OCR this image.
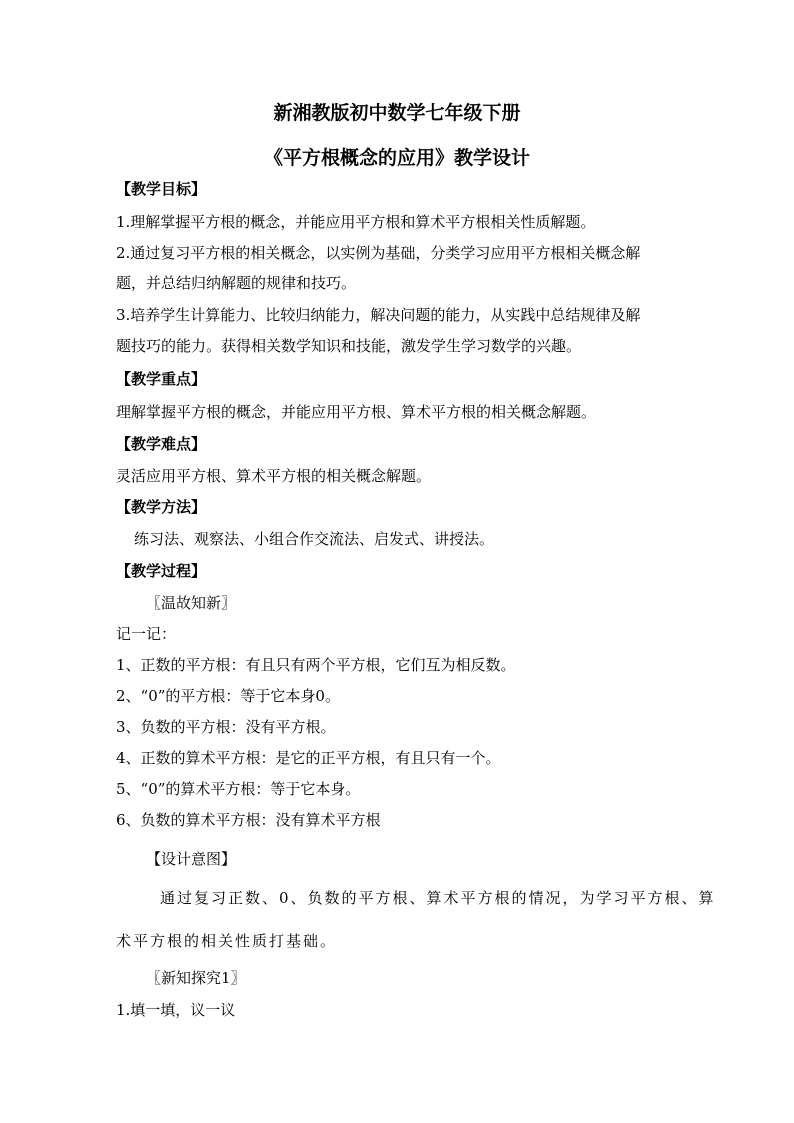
新湘教版初中数学七年级下册
《平方根概念的应用》教学设计
【教学目标】
1.理解掌握平方根的概念，并能应用平方根和算术平方根相关性质解题。
2.通过复习平方根的相关概念，以实例为基础，分类学习应用平方根相关概念解
题，并总结归纳解题的规律和技巧。
3.培养学生计算能力、比较归纳能力，解决问题的能力，从实践中总结规律及解
题技巧的能力。获得相关数学知识和技能，激发学生学习数学的兴趣。
【教学重点】
理解掌握平方根的概念，并能应用平方根、算术平方根的相关概念解题。
【教学难点】
灵活应用平方根、算术平方根的相关概念解题。
【教学方法】
练习法、观察法、小组合作交流法、启发式、讲授法。
【教学过程】
〖温故知新〗
记一记：
1、正数的平方根：有且只有两个平方根，它们互为相反数。
2、“0”的平方根：等于它本身0。
3、负数的平方根：没有平方根。
4、正数的算术平方根：是它的正平方根，有且只有一个。
5、“0”的算术平方根：等于它本身。
6、负数的算术平方根：没有算术平方根
【设计意图】
通过复习正数、0、负数的平方根、算术平方根的情况，为学习平方根、算
术平方根的相关性质打基础。
〖新知探究1〗
1.填一填，议一议
